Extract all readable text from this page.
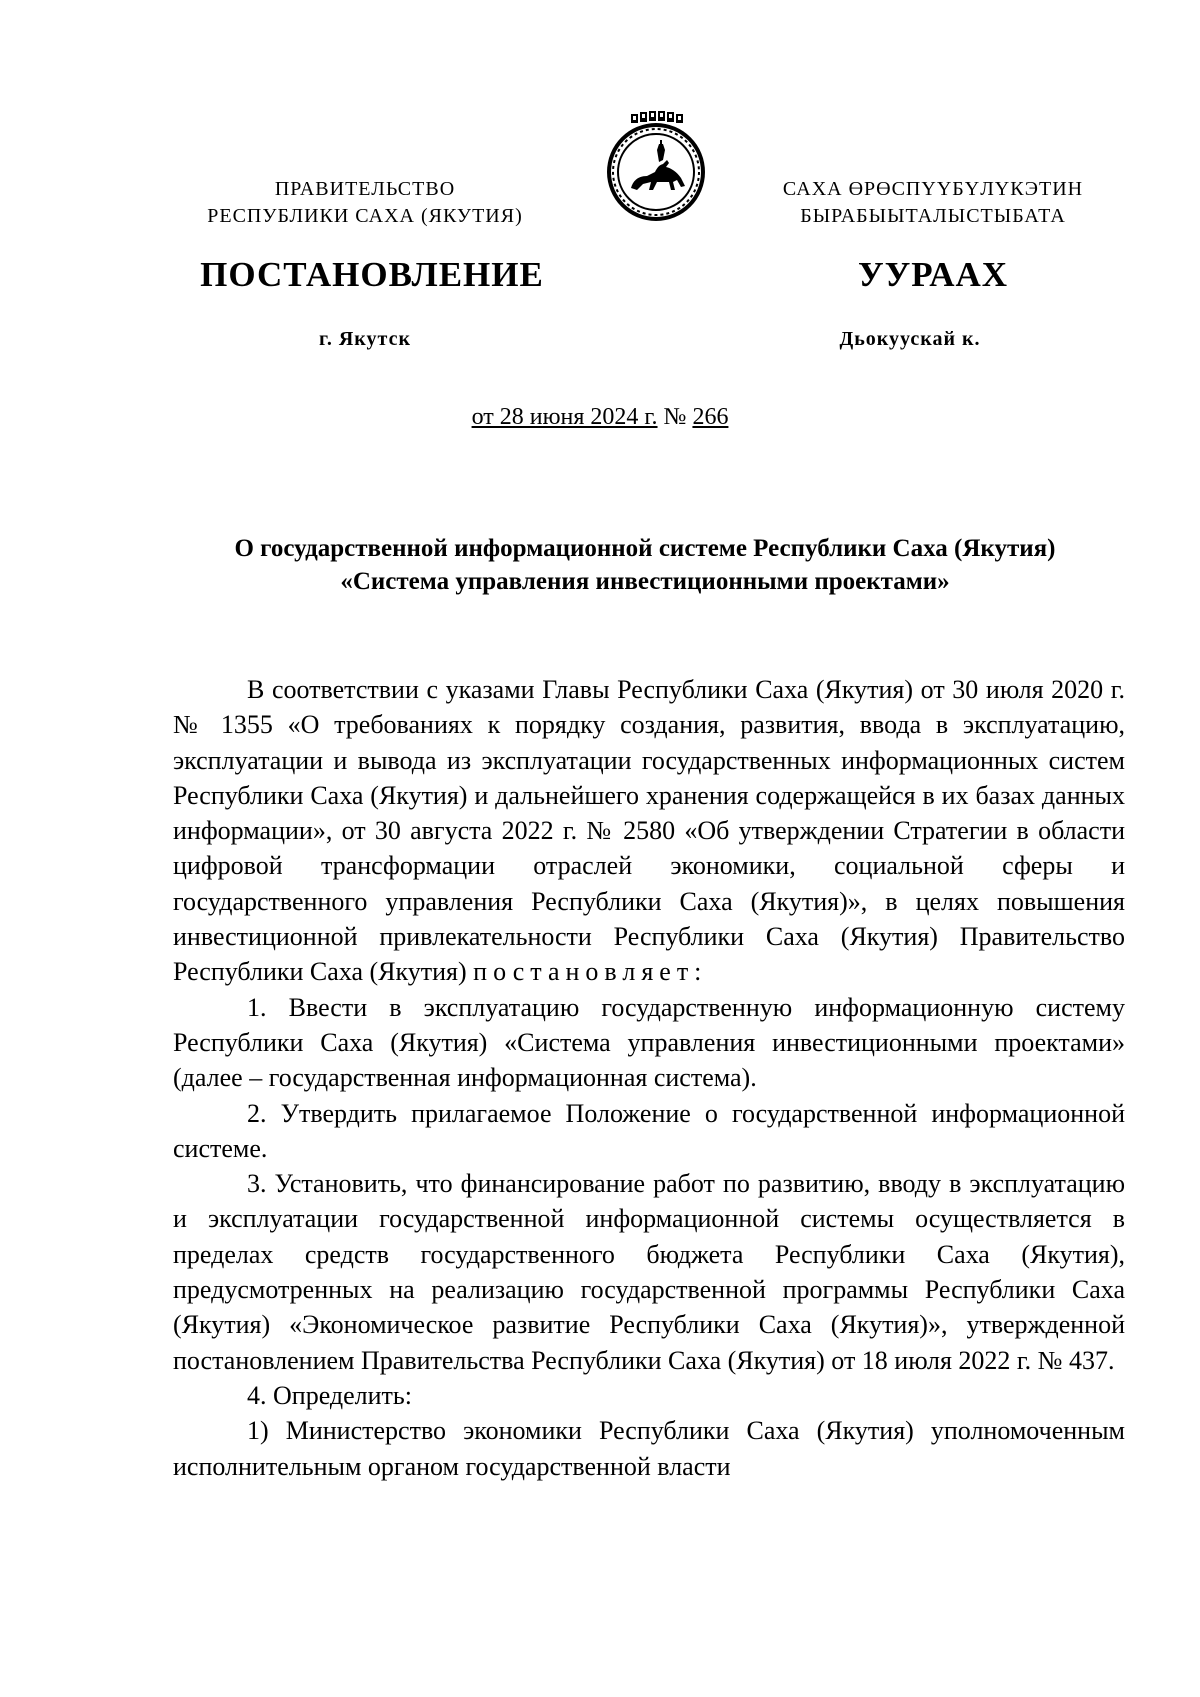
ПРАВИТЕЛЬСТВО
РЕСПУБЛИКИ САХА (ЯКУТИЯ)
САХА ӨРӨСПҮҮБҮЛҮКЭТИН
БЫРАБЫЫТАЛЫСТЫБАТА
ПОСТАНОВЛЕНИЕ	УУРААХ
г. Якутск	Дьокуускай к.
от 28 июня 2024 г. № 266
О государственной информационной системе Республики Саха (Якутия)
«Система управления инвестиционными проектами»

В соответствии с указами Главы Республики Саха (Якутия) от 30 июля 2020 г. № 1355 «О требованиях к порядку создания, развития, ввода в эксплуатацию, эксплуатации и вывода из эксплуатации государственных информационных систем Республики Саха (Якутия) и дальнейшего хранения содержащейся в их базах данных информации», от 30 августа 2022 г. № 2580 «Об утверждении Стратегии в области цифровой трансформации отраслей экономики, социальной сферы и государственного управления Республики Саха (Якутия)», в целях повышения инвестиционной привлекательности Республики Саха (Якутия) Правительство Республики Саха (Якутия) постановляет:

1. Ввести в эксплуатацию государственную информационную систему Республики Саха (Якутия) «Система управления инвестиционными проектами» (далее – государственная информационная система).

2. Утвердить прилагаемое Положение о государственной информационной системе.

3. Установить, что финансирование работ по развитию, вводу в эксплуатацию и эксплуатации государственной информационной системы осуществляется в пределах средств государственного бюджета Республики Саха (Якутия), предусмотренных на реализацию государственной программы Республики Саха (Якутия) «Экономическое развитие Республики Саха (Якутия)», утвержденной постановлением Правительства Республики Саха (Якутия) от 18 июля 2022 г. № 437.

4. Определить:

1) Министерство экономики Республики Саха (Якутия) уполномоченным исполнительным органом государственной власти
